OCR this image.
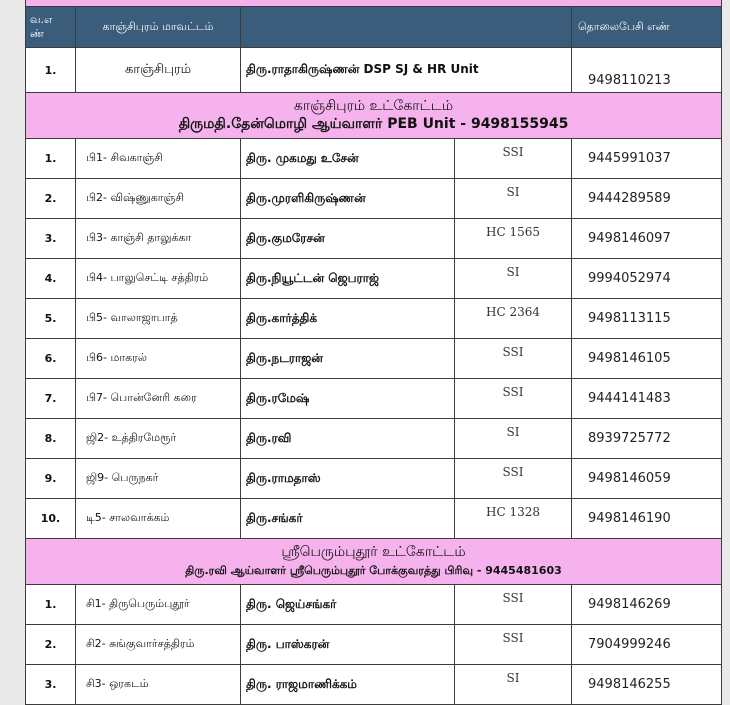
வ.எ
ண்	காஞ்சிபுரம் மாவட்டம்			தொலைபேசி எண்
1.	காஞ்சிபுரம்	திரு.ராதாகிருஷ்ணன் DSP SJ & HR Unit		9498110213

காஞ்சிபுரம் உட்கோட்டம்
திருமதி.தேன்மொழி ஆய்வாளர் PEB Unit - 9498155945				

1.	பி1- சிவகாஞ்சி	திரு. முகமது உசேன்	SSI	9445991037
2.	பி2- விஷ்ணுகாஞ்சி	திரு.முரளிகிருஷ்ணன்	SI	9444289589
3.	பி3- காஞ்சி தாலுக்கா	திரு.குமரேசன்	HC 1565	9498146097
4.	பி4- பாலுசெட்டி சத்திரம்	திரு.நியூட்டன் ஜெபராஜ்	SI	9994052974
5.	பி5- வாலாஜாபாத்	திரு.கார்த்திக்	HC 2364	9498113115
6.	பி6- மாகரல்	திரு.நடராஜன்	SSI	9498146105
7.	பி7- பொன்னேரி கரை	திரு.ரமேஷ்	SSI	9444141483
8.	ஜி2- உத்திரமேரூர்	திரு.ரவி	SI	8939725772
9.	ஜி9- பெருநகர்	திரு.ராமதாஸ்	SSI	9498146059
10.	டி5- சாலவாக்கம்	திரு.சங்கர்	HC 1328	9498146190

ஸ்ரீபெரும்புதூர் உட்கோட்டம்
திரு.ரவி ஆய்வாளர் ஸ்ரீபெரும்புதூர் போக்குவரத்து பிரிவு - 9445481603				

1.	சி1- திருபெரும்புதூர்	திரு. ஜெய்சங்கர்	SSI	9498146269
2.	சி2- சுங்குவார்சத்திரம்	திரு. பாஸ்கரன்	SSI	7904999246
3.	சி3- ஒரகடம்	திரு. ராஜமாணிக்கம்	SI	9498146255
